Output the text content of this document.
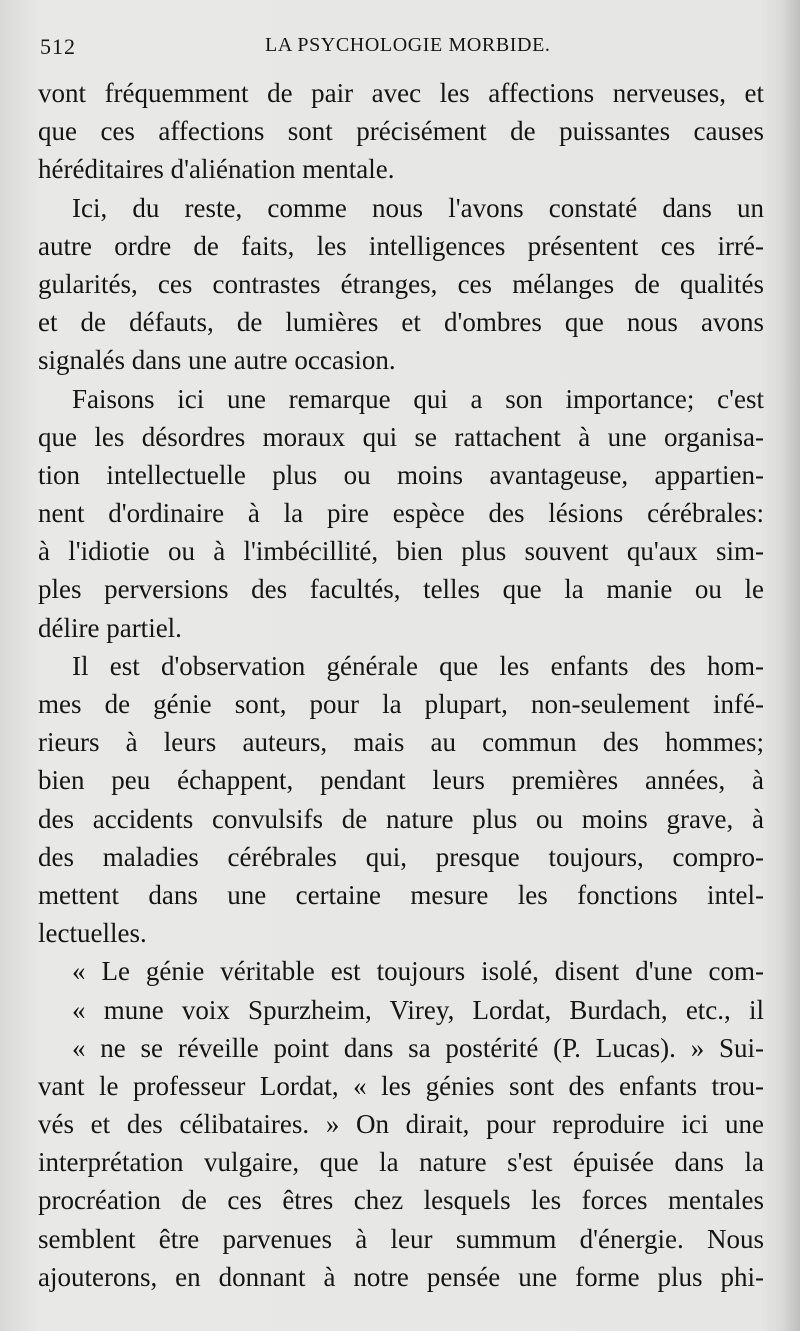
512	LA PSYCHOLOGIE MORBIDE.
vont fréquemment de pair avec les affections nerveuses, et
que ces affections sont précisément de puissantes causes
héréditaires d'aliénation mentale.
Ici, du reste, comme nous l'avons constaté dans un
autre ordre de faits, les intelligences présentent ces irré-
gularités, ces contrastes étranges, ces mélanges de qualités
et de défauts, de lumières et d'ombres que nous avons
signalés dans une autre occasion.
Faisons ici une remarque qui a son importance; c'est
que les désordres moraux qui se rattachent à une organisa-
tion intellectuelle plus ou moins avantageuse, appartien-
nent d'ordinaire à la pire espèce des lésions cérébrales:
à l'idiotie ou à l'imbécillité, bien plus souvent qu'aux sim-
ples perversions des facultés, telles que la manie ou le
délire partiel.
Il est d'observation générale que les enfants des hom-
mes de génie sont, pour la plupart, non-seulement infé-
rieurs à leurs auteurs, mais au commun des hommes;
bien peu échappent, pendant leurs premières années, à
des accidents convulsifs de nature plus ou moins grave, à
des maladies cérébrales qui, presque toujours, compro-
mettent dans une certaine mesure les fonctions intel-
lectuelles.
« Le génie véritable est toujours isolé, disent d'une com-
« mune voix Spurzheim, Virey, Lordat, Burdach, etc., il
« ne se réveille point dans sa postérité (P. Lucas). » Sui-
vant le professeur Lordat, « les génies sont des enfants trou-
vés et des célibataires. » On dirait, pour reproduire ici une
interprétation vulgaire, que la nature s'est épuisée dans la
procréation de ces êtres chez lesquels les forces mentales
semblent être parvenues à leur summum d'énergie. Nous
ajouterons, en donnant à notre pensée une forme plus phi-
